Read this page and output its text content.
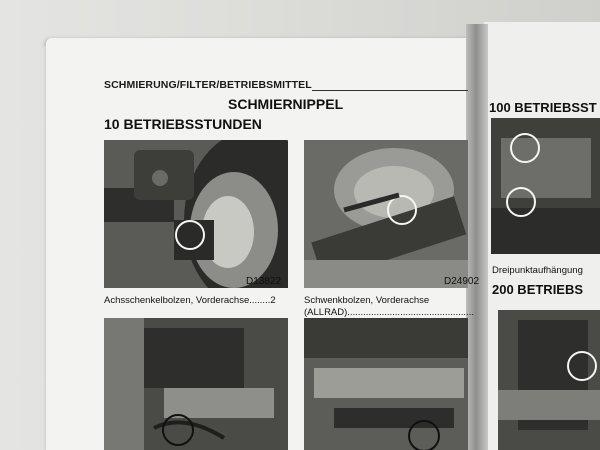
SCHMIERUNG/FILTER/BETRIEBSMITTEL
SCHMIERNIPPEL
10 BETRIEBSSTUNDEN
D13822	D24902
Achsschenkelbolzen, Vorderachse........2	Schwenkbolzen, Vorderachse
(ALLRAD)................................................
100 BETRIEBSST
Dreipunktaufhängung
200 BETRIEBS
